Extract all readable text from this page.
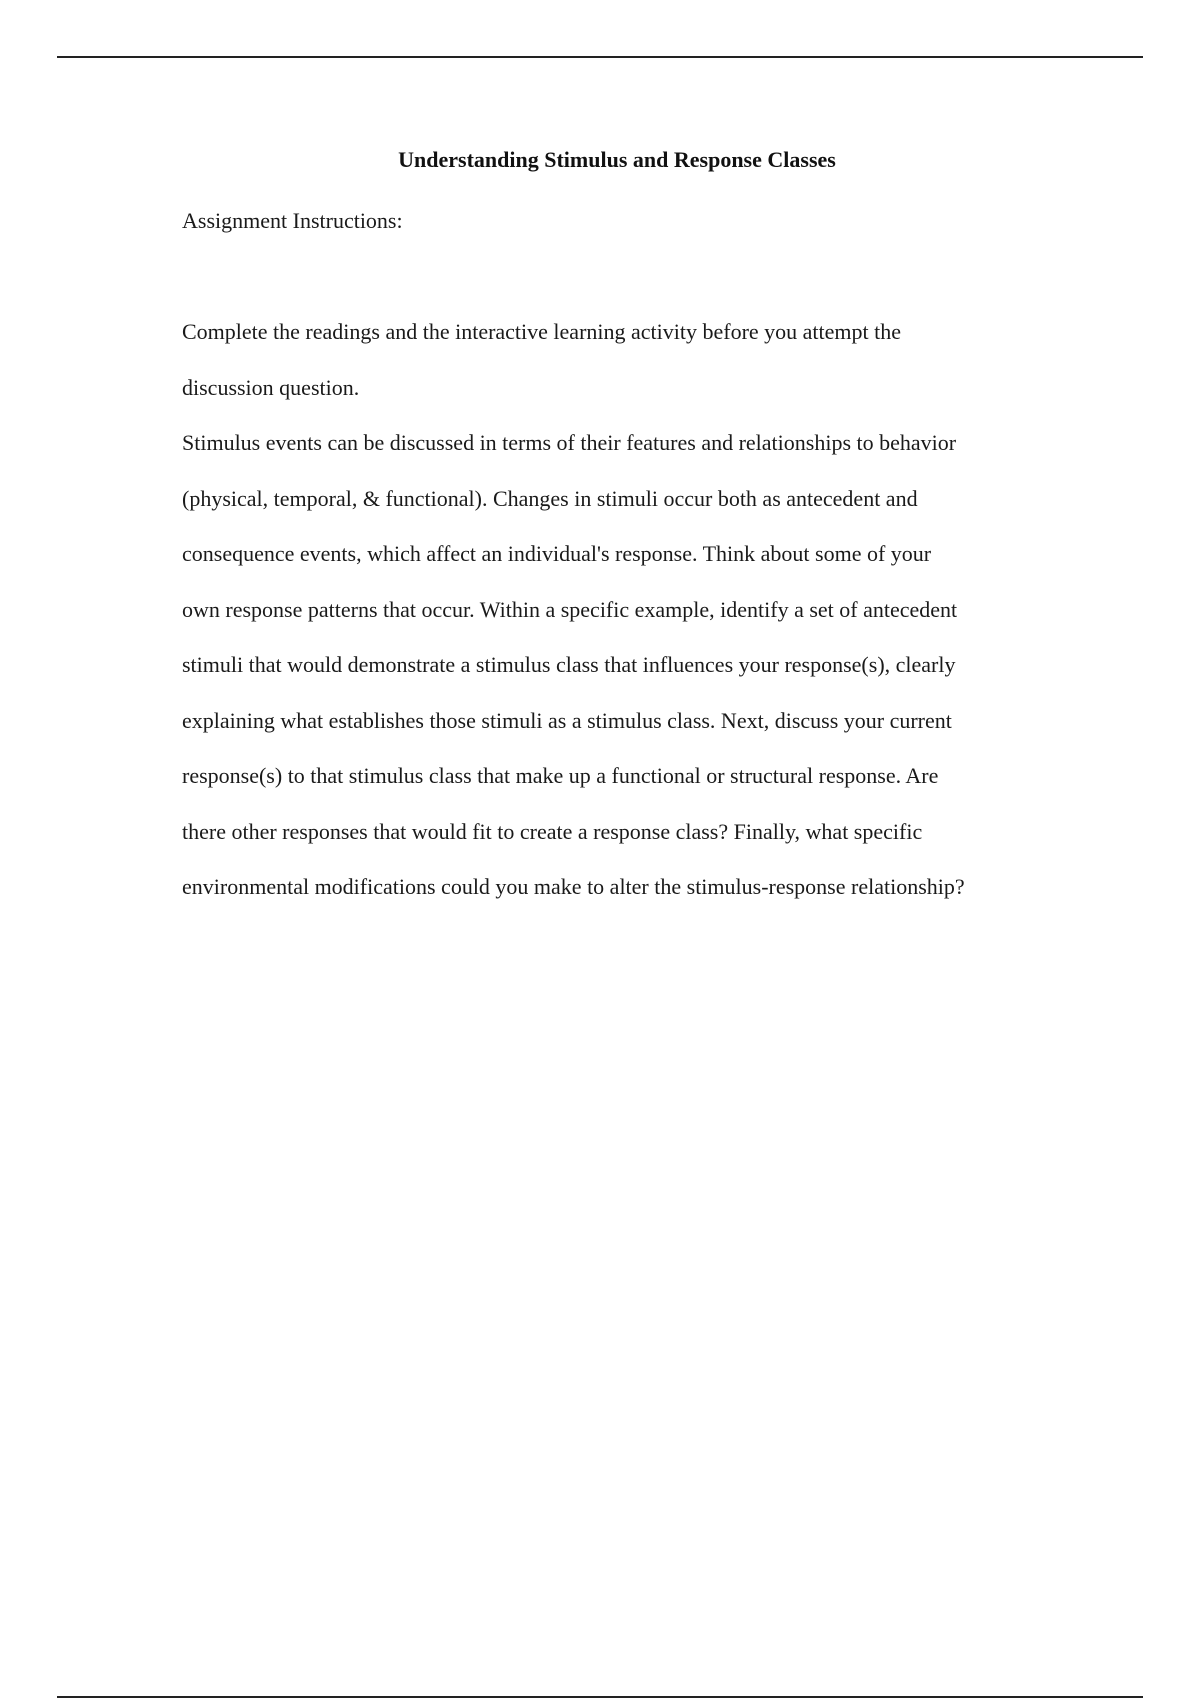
Understanding Stimulus and Response Classes

Assignment Instructions:

Complete the readings and the interactive learning activity before you attempt the
discussion question.

Stimulus events can be discussed in terms of their features and relationships to behavior
(physical, temporal, & functional). Changes in stimuli occur both as antecedent and
consequence events, which affect an individual's response. Think about some of your
own response patterns that occur. Within a specific example, identify a set of antecedent
stimuli that would demonstrate a stimulus class that influences your response(s), clearly
explaining what establishes those stimuli as a stimulus class. Next, discuss your current
response(s) to that stimulus class that make up a functional or structural response. Are
there other responses that would fit to create a response class? Finally, what specific
environmental modifications could you make to alter the stimulus-response relationship?
